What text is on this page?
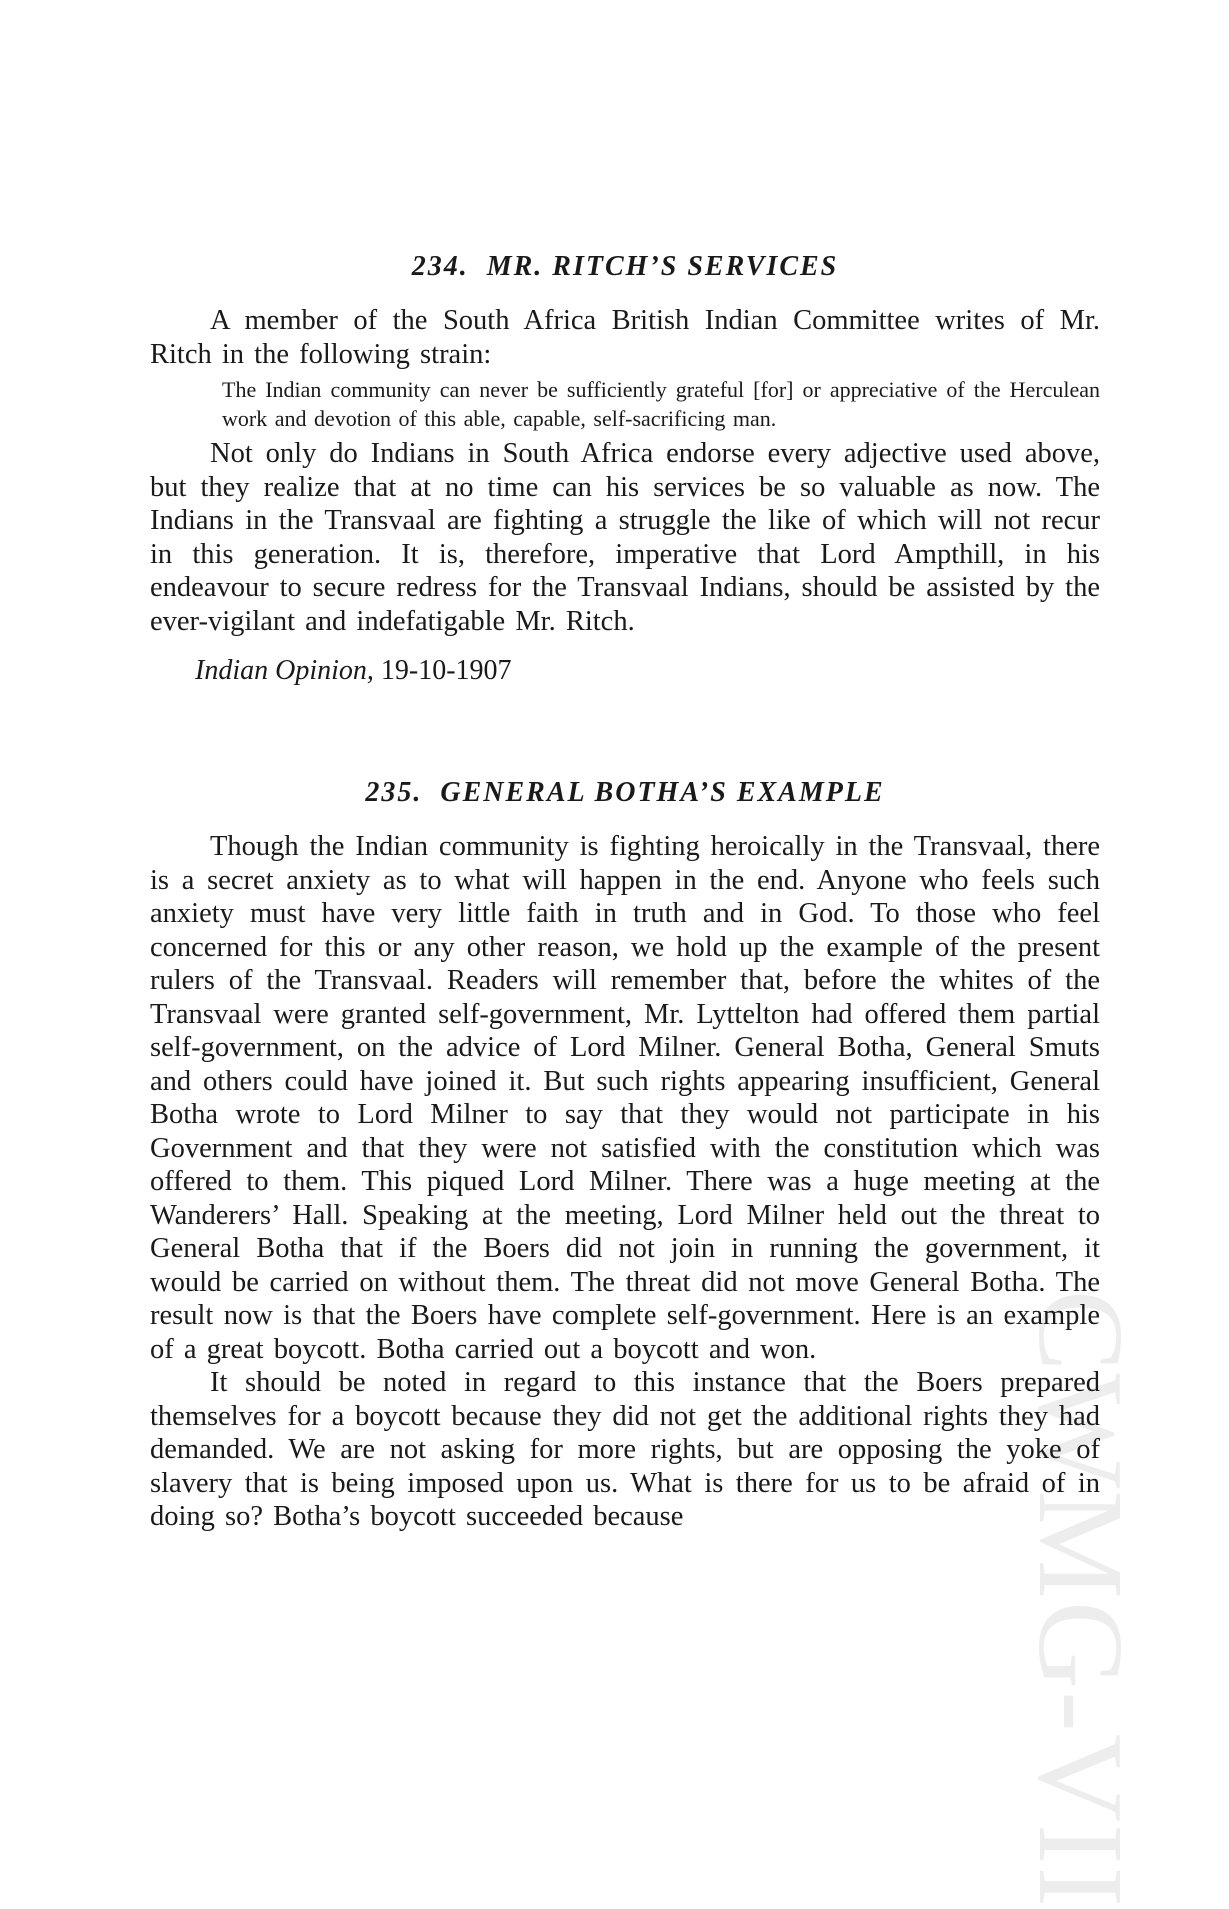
CWMG-VII
234. MR. RITCH’S SERVICES

A member of the South Africa British Indian Committee writes of Mr. Ritch in the following strain:

The Indian community can never be sufficiently grateful [for] or appreciative of the Herculean work and devotion of this able, capable, self-sacrificing man.

Not only do Indians in South Africa endorse every adjective used above, but they realize that at no time can his services be so valuable as now. The Indians in the Transvaal are fighting a struggle the like of which will not recur in this generation. It is, therefore, imperative that Lord Ampthill, in his endeavour to secure redress for the Transvaal Indians, should be assisted by the ever-vigilant and indefatigable Mr. Ritch.

Indian Opinion, 19-10-1907
235. GENERAL BOTHA’S EXAMPLE

Though the Indian community is fighting heroically in the Transvaal, there is a secret anxiety as to what will happen in the end. Anyone who feels such anxiety must have very little faith in truth and in God. To those who feel concerned for this or any other reason, we hold up the example of the present rulers of the Transvaal. Readers will remember that, before the whites of the Transvaal were granted self-government, Mr. Lyttelton had offered them partial self-government, on the advice of Lord Milner. General Botha, General Smuts and others could have joined it. But such rights appearing insufficient, General Botha wrote to Lord Milner to say that they would not participate in his Government and that they were not satisfied with the constitution which was offered to them. This piqued Lord Milner. There was a huge meeting at the Wanderers’ Hall. Speaking at the meeting, Lord Milner held out the threat to General Botha that if the Boers did not join in running the government, it would be carried on without them. The threat did not move General Botha. The result now is that the Boers have complete self-government. Here is an example of a great boycott. Botha carried out a boycott and won.

It should be noted in regard to this instance that the Boers prepared themselves for a boycott because they did not get the additional rights they had demanded. We are not asking for more rights, but are opposing the yoke of slavery that is being imposed upon us. What is there for us to be afraid of in doing so? Botha’s boycott succeeded because
